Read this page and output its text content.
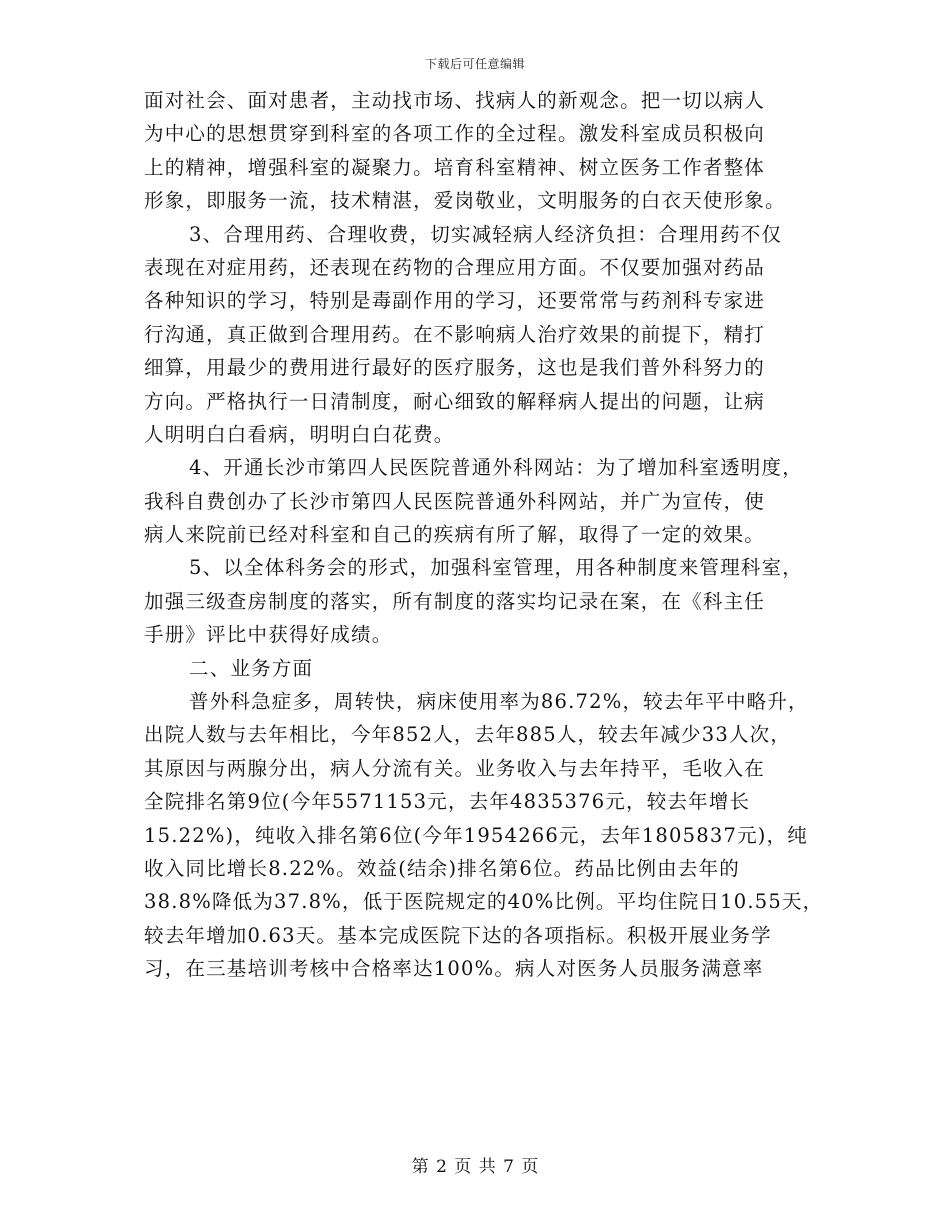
下载后可任意编辑
面对社会、面对患者，主动找市场、找病人的新观念。把一切以病人
为中心的思想贯穿到科室的各项工作的全过程。激发科室成员积极向
上的精神，增强科室的凝聚力。培育科室精神、树立医务工作者整体
形象，即服务一流，技术精湛，爱岗敬业，文明服务的白衣天使形象。
3、合理用药、合理收费，切实减轻病人经济负担：合理用药不仅
表现在对症用药，还表现在药物的合理应用方面。不仅要加强对药品
各种知识的学习，特别是毒副作用的学习，还要常常与药剂科专家进
行沟通，真正做到合理用药。在不影响病人治疗效果的前提下，精打
细算，用最少的费用进行最好的医疗服务，这也是我们普外科努力的
方向。严格执行一日清制度，耐心细致的解释病人提出的问题，让病
人明明白白看病，明明白白花费。
4、开通长沙市第四人民医院普通外科网站：为了增加科室透明度，
我科自费创办了长沙市第四人民医院普通外科网站，并广为宣传，使
病人来院前已经对科室和自己的疾病有所了解，取得了一定的效果。
5、以全体科务会的形式，加强科室管理，用各种制度来管理科室，
加强三级查房制度的落实，所有制度的落实均记录在案，在《科主任
手册》评比中获得好成绩。
二、业务方面
普外科急症多，周转快，病床使用率为86.72%，较去年平中略升，
出院人数与去年相比，今年852人，去年885人，较去年减少33人次，
其原因与两腺分出，病人分流有关。业务收入与去年持平，毛收入在
全院排名第9位(今年5571153元，去年4835376元，较去年增长
15.22%)，纯收入排名第6位(今年1954266元，去年1805837元)，纯
收入同比增长8.22%。效益(结余)排名第6位。药品比例由去年的
38.8%降低为37.8%，低于医院规定的40%比例。平均住院日10.55天，
较去年增加0.63天。基本完成医院下达的各项指标。积极开展业务学
习，在三基培训考核中合格率达100%。病人对医务人员服务满意率
第 2 页 共 7 页
